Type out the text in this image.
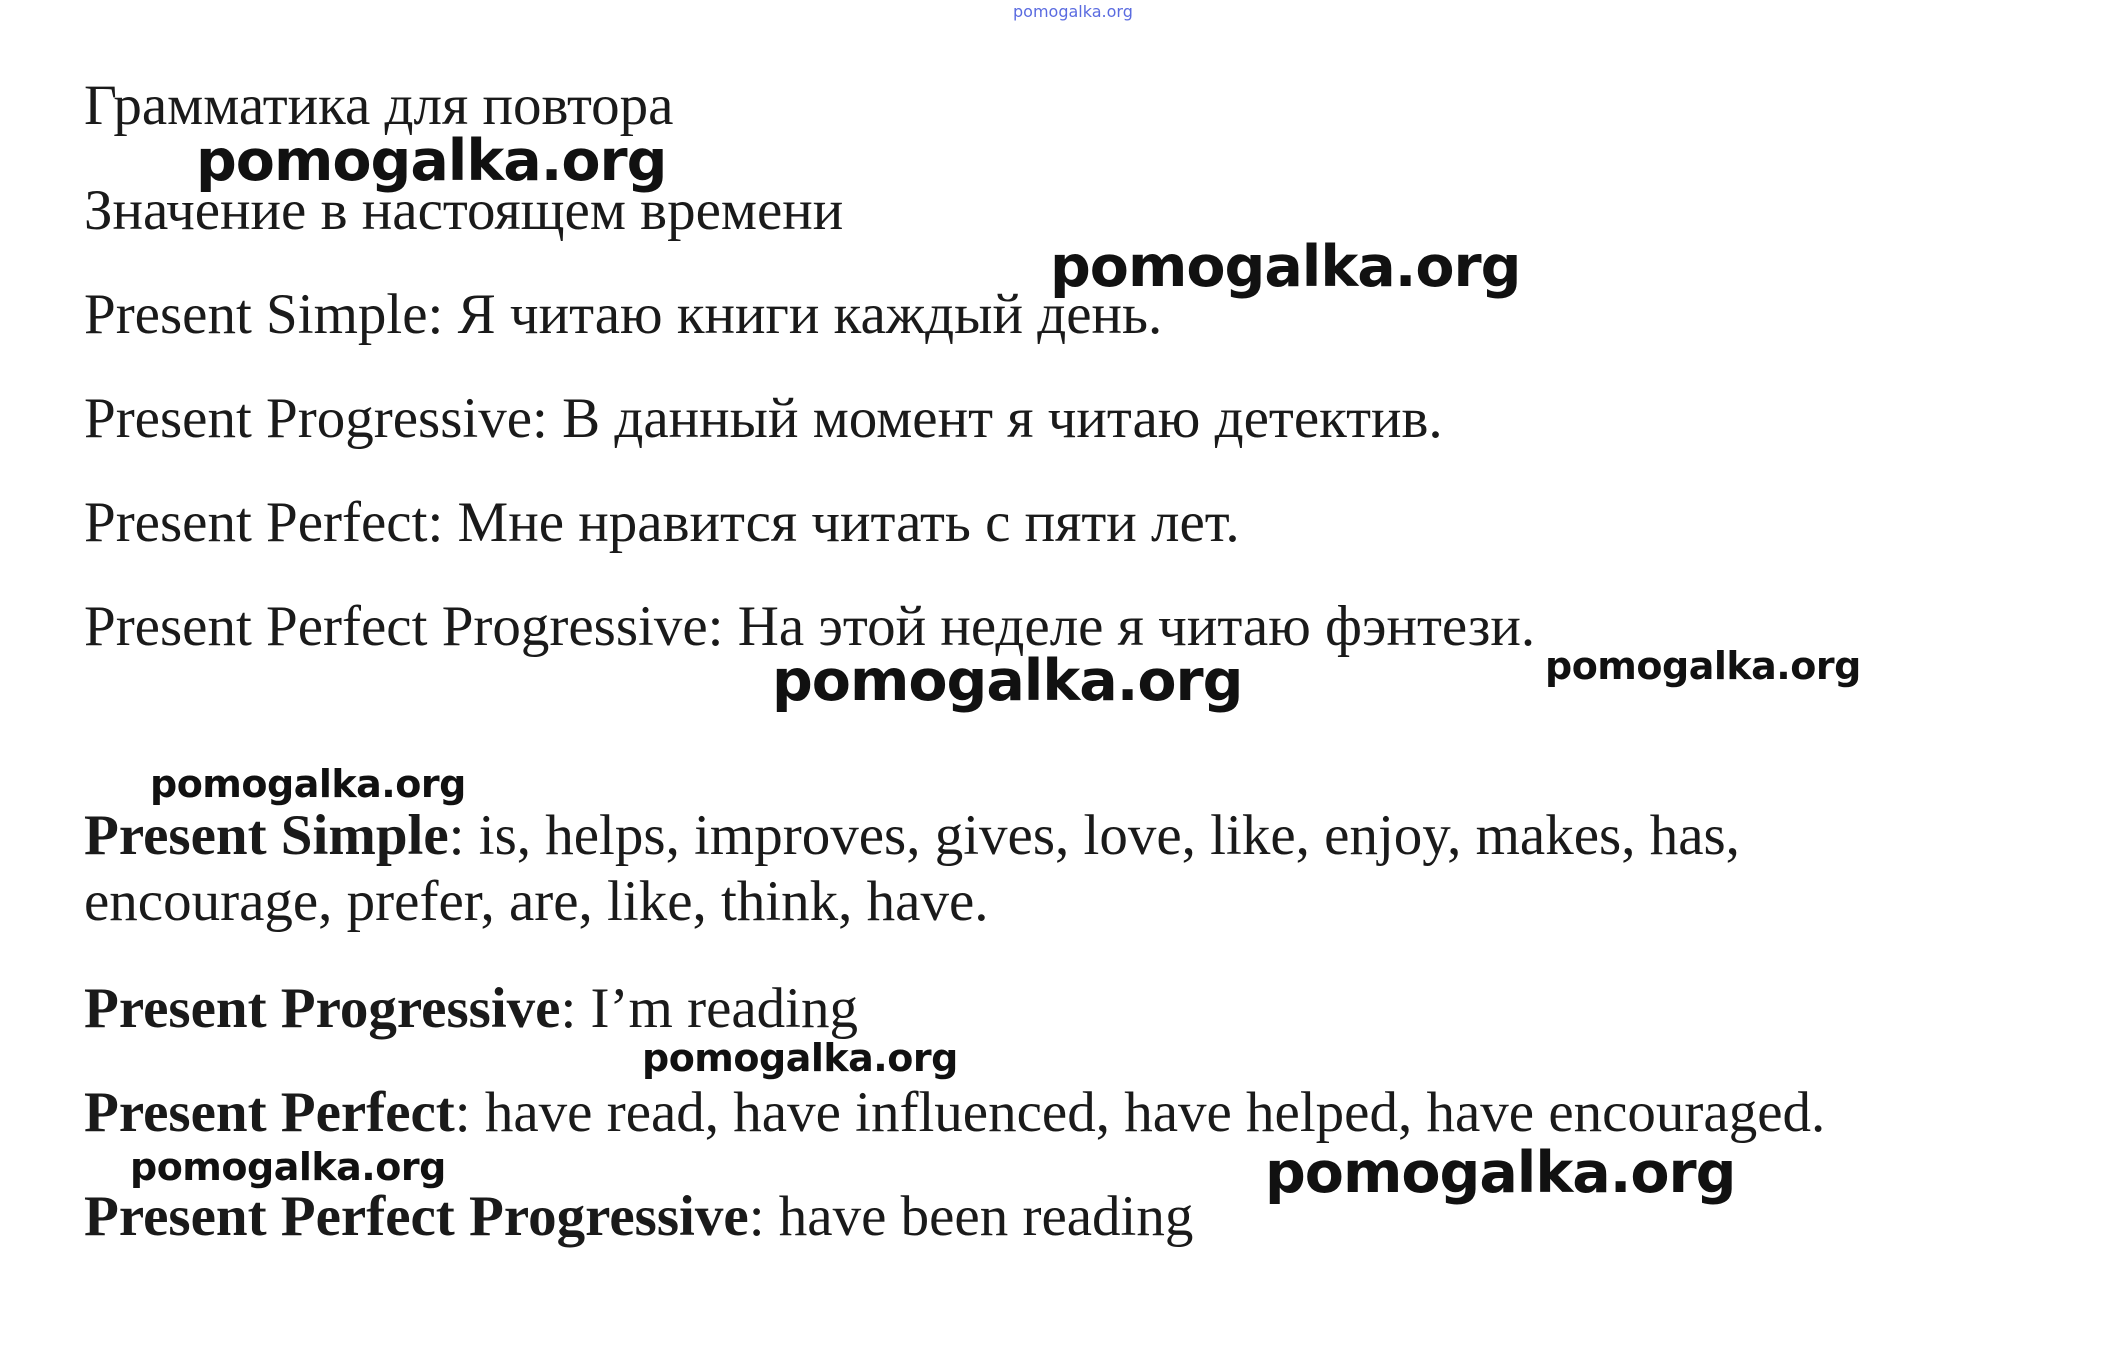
pomogalka.org
Грамматика для повтора
Значение в настоящем времени

Present Simple: Я читаю книги каждый день.

Present Progressive: В данный момент я читаю детектив.

Present Perfect: Мне нравится читать с пяти лет.

Present Perfect Progressive: На этой неделе я читаю фэнтези.

Present Simple: is, helps, improves, gives, love, like, enjoy, makes, has, encourage, prefer, are, like, think, have.

Present Progressive: I’m reading

Present Perfect: have read, have influenced, have helped, have encouraged.

Present Perfect Progressive: have been reading

pomogalka.org
pomogalka.org
pomogalka.org	pomogalka.org
pomogalka.org
pomogalka.org
pomogalka.org	pomogalka.org
